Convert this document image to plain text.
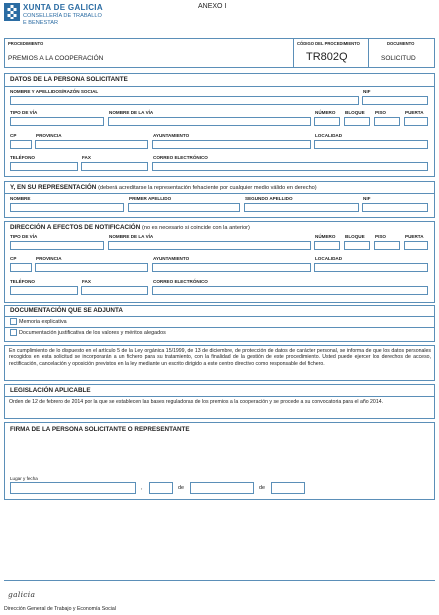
XUNTA DE GALICIA
CONSELLERÍA DE TRABALLO
E BENESTAR
ANEXO I
PROCEDIMIENTO
PREMIOS A LA COOPERACIÓN
CÓDIGO DEL PROCEDIMIENTO
TR802Q
DOCUMENTO
SOLICITUD
DATOS DE LA PERSONA SOLICITANTE
NOMBRE Y APELLIDOS/RAZÓN SOCIAL	NIF
TIPO DE VÍA	NOMBRE DE LA VÍA	NÚMERO BLOQUE PISO	PUERTA
CP	PROVINCIA	AYUNTAMIENTO	LOCALIDAD
TELÉFONO	FAX	CORREO ELECTRÓNICO
Y, EN SU REPRESENTACIÓN (deberá acreditarse la representación fehaciente por cualquier medio válido en derecho)
NOMBRE	PRIMER APELLIDO	SEGUNDO APELLIDO	NIF
DIRECCIÓN A EFECTOS DE NOTIFICACIÓN (no es necesario si coincide con la anterior)
TIPO DE VÍA	NOMBRE DE LA VÍA	NÚMERO BLOQUE PISO	PUERTA
CP	PROVINCIA	AYUNTAMIENTO	LOCALIDAD
TELÉFONO	FAX	CORREO ELECTRÓNICO
DOCUMENTACIÓN QUE SE ADJUNTA
Memoria explicativa
Documentación justificativa de los valores y méritos alegados
En cumplimiento de lo dispuesto en el artículo 5 de la Ley orgánica 15/1999, de 13 de diciembre, de protección de datos de carácter personal, se informa de que los datos personales recogidos en esta solicitud se incorporarán a un fichero para su tratamiento, con la finalidad de la gestión de este procedimiento. Usted puede ejercer los derechos de acceso, rectificación, cancelación y oposición previstos en la ley mediante un escrito dirigido a este centro directivo como responsable del fichero.
LEGISLACIÓN APLICABLE
Orden de 12 de febrero de 2014 por la que se establecen las bases reguladoras de los premios a la cooperación y se procede a su convocatoria para el año 2014.
FIRMA DE LA PERSONA SOLICITANTE O REPRESENTANTE
Lugar y fecha
,	de	de
galicia
Dirección General de Trabajo y Economía Social
